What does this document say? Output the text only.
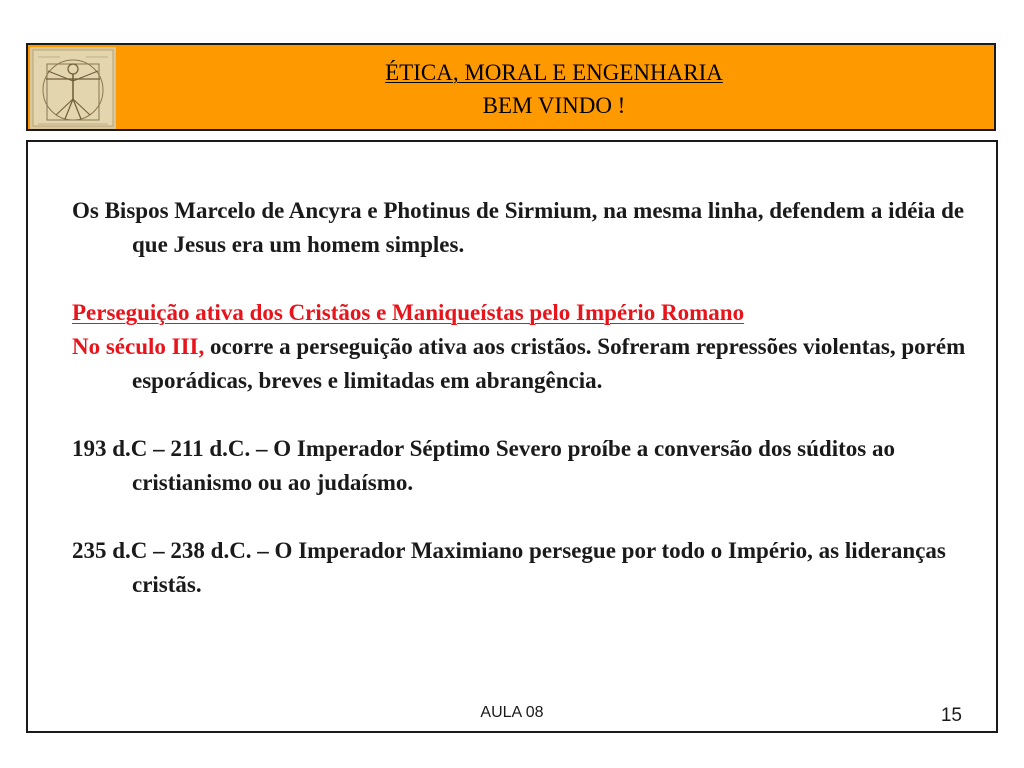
ÉTICA, MORAL E ENGENHARIA
BEM VINDO !

Os Bispos Marcelo de Ancyra e Photinus de Sirmium, na mesma linha, defendem a idéia de que Jesus era um homem simples.

Perseguição ativa dos Cristãos e Maniqueístas pelo Império Romano

No século III, ocorre a perseguição ativa aos cristãos. Sofreram repressões violentas, porém esporádicas, breves e limitadas em abrangência.

193 d.C – 211 d.C. – O Imperador Séptimo Severo proíbe a conversão dos súditos ao cristianismo ou ao judaísmo.

235 d.C – 238 d.C. – O Imperador Maximiano persegue por todo o Império, as lideranças cristãs.

AULA 08	15
